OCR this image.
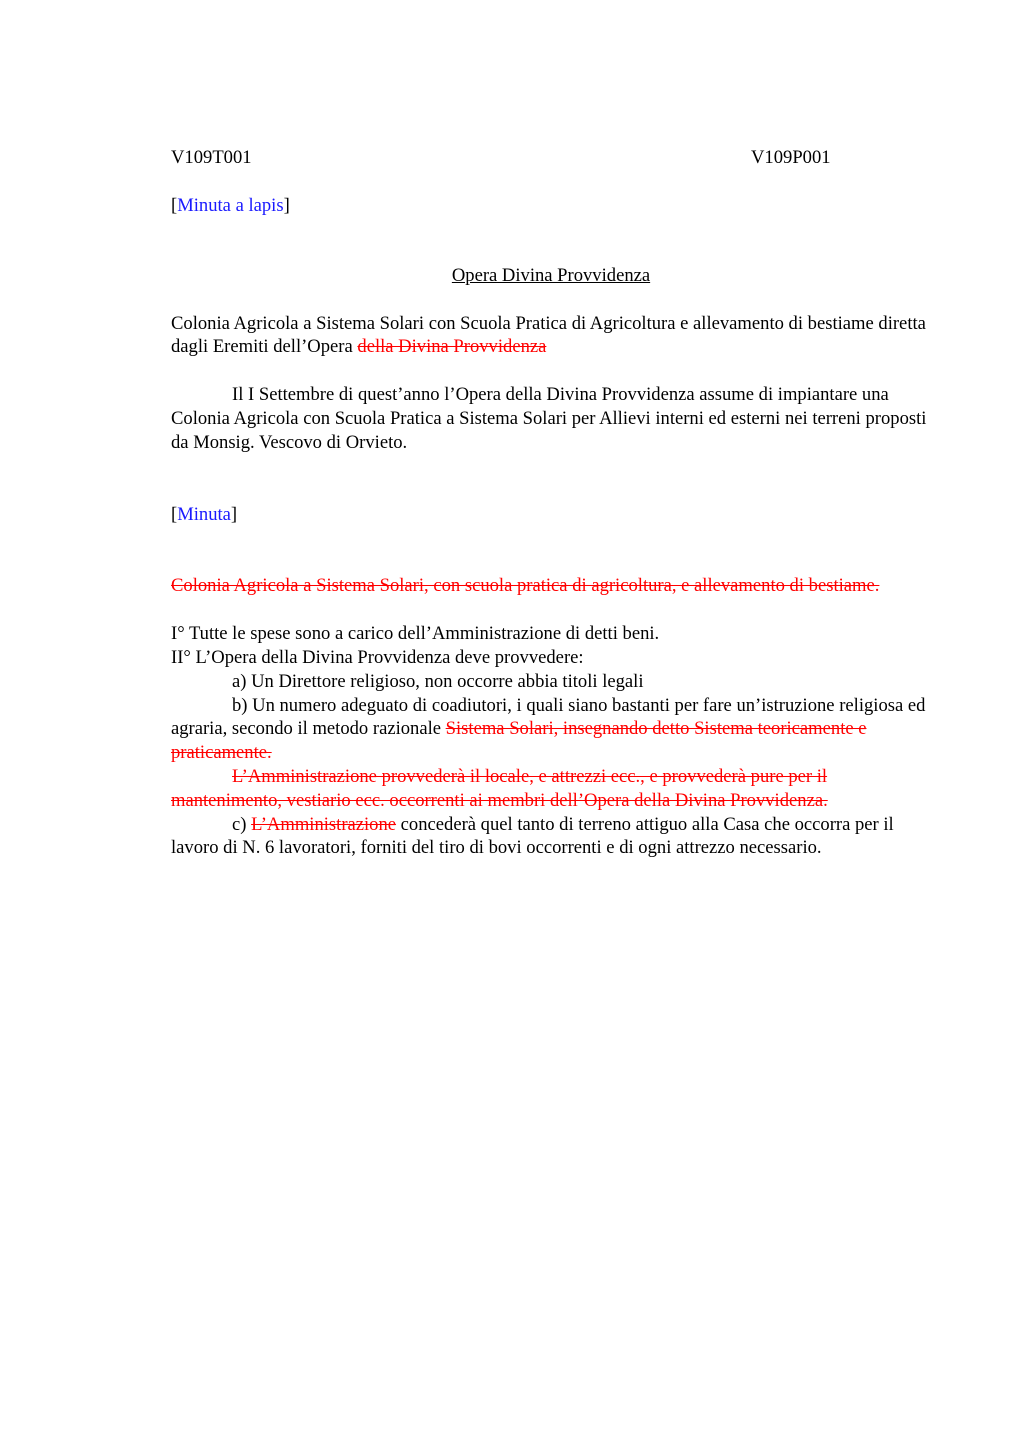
V109T001	V109P001

[Minuta a lapis]

Opera Divina Provvidenza

Colonia Agricola a Sistema Solari con Scuola Pratica di Agricoltura e allevamento di bestiame diretta dagli Eremiti dell’Opera della Divina Provvidenza

Il I Settembre di quest’anno l’Opera della Divina Provvidenza assume di impiantare una Colonia Agricola con Scuola Pratica a Sistema Solari per Allievi interni ed esterni nei terreni proposti da Monsig. Vescovo di Orvieto.

[Minuta]

Colonia Agricola a Sistema Solari, con scuola pratica di agricoltura, e allevamento di bestiame.

I° Tutte le spese sono a carico dell’Amministrazione di detti beni.

II° L’Opera della Divina Provvidenza deve provvedere:

a) Un Direttore religioso, non occorre abbia titoli legali

b) Un numero adeguato di coadiutori, i quali siano bastanti per fare un’istruzione religiosa ed agraria, secondo il metodo razionale Sistema Solari, insegnando detto Sistema teoricamente e praticamente.

L’Amministrazione provvederà il locale, e attrezzi ecc., e provvederà pure per il mantenimento, vestiario ecc. occorrenti ai membri dell’Opera della Divina Provvidenza.

c) L’Amministrazione concederà quel tanto di terreno attiguo alla Casa che occorra per il lavoro di N. 6 lavoratori, forniti del tiro di bovi occorrenti e di ogni attrezzo necessario.
